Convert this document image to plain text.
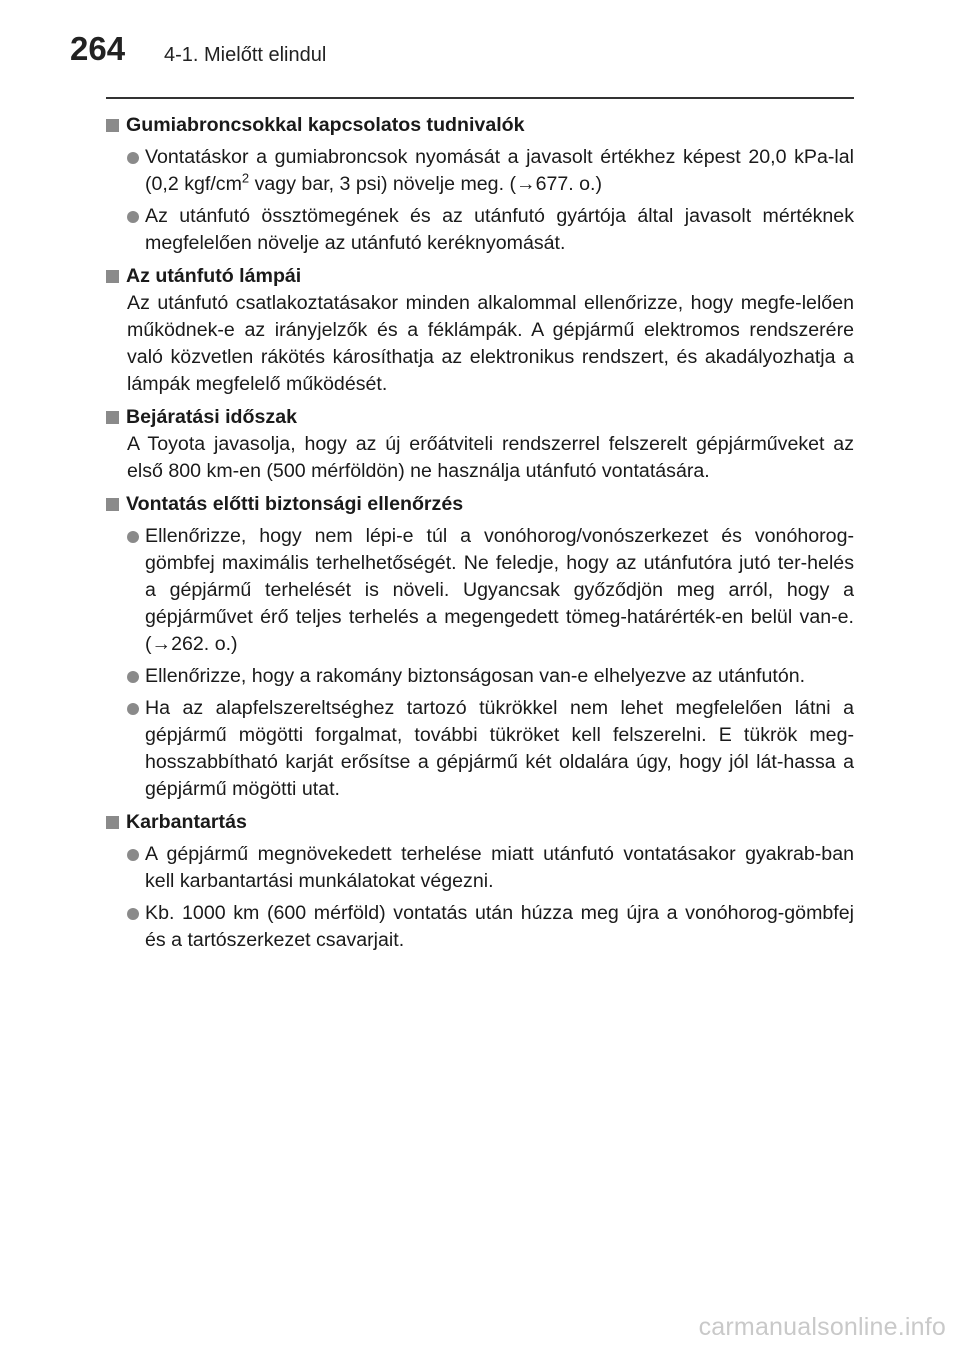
264 4-1. Mielőtt elindul
Gumiabroncsokkal kapcsolatos tudnivalók
Vontatáskor a gumiabroncsok nyomását a javasolt értékhez képest 20,0 kPa-lal (0,2 kgf/$cm^2$ vagy bar, 3 psi) növelje meg. (→677. o.)
Az utánfutó össztömegének és az utánfutó gyártója által javasolt mértéknek megfelelően növelje az utánfutó keréknyomását.
Az utánfutó lámpái
Az utánfutó csatlakoztatásakor minden alkalommal ellenőrizze, hogy megfe-lelően működnek-e az irányjelzők és a féklámpák. A gépjármű elektromos rendszerére való közvetlen rákötés károsíthatja az elektronikus rendszert, és akadályozhatja a lámpák megfelelő működését.
Bejáratási időszak
A Toyota javasolja, hogy az új erőátviteli rendszerrel felszerelt gépjárműveket az első 800 km-en (500 mérföldön) ne használja utánfutó vontatására.
Vontatás előtti biztonsági ellenőrzés
Ellenőrizze, hogy nem lépi-e túl a vonóhorog/vonószerkezet és vonóhorog-gömbfej maximális terhelhetőségét. Ne feledje, hogy az utánfutóra jutó ter-helés a gépjármű terhelését is növeli. Ugyancsak győződjön meg arról, hogy a gépjárművet érő teljes terhelés a megengedett tömeg-határérték-en belül van-e. (→262. o.)
Ellenőrizze, hogy a rakomány biztonságosan van-e elhelyezve az utánfutón.
Ha az alapfelszereltséghez tartozó tükrökkel nem lehet megfelelően látni a gépjármű mögötti forgalmat, további tükröket kell felszerelni. E tükrök meg-hosszabbítható karját erősítse a gépjármű két oldalára úgy, hogy jól lát-hassa a gépjármű mögötti utat.
Karbantartás
A gépjármű megnövekedett terhelése miatt utánfutó vontatásakor gyakrab-ban kell karbantartási munkálatokat végezni.
Kb. 1000 km (600 mérföld) vontatás után húzza meg újra a vonóhorog-gömbfej és a tartószerkezet csavarjait.
carmanualsonline.info
